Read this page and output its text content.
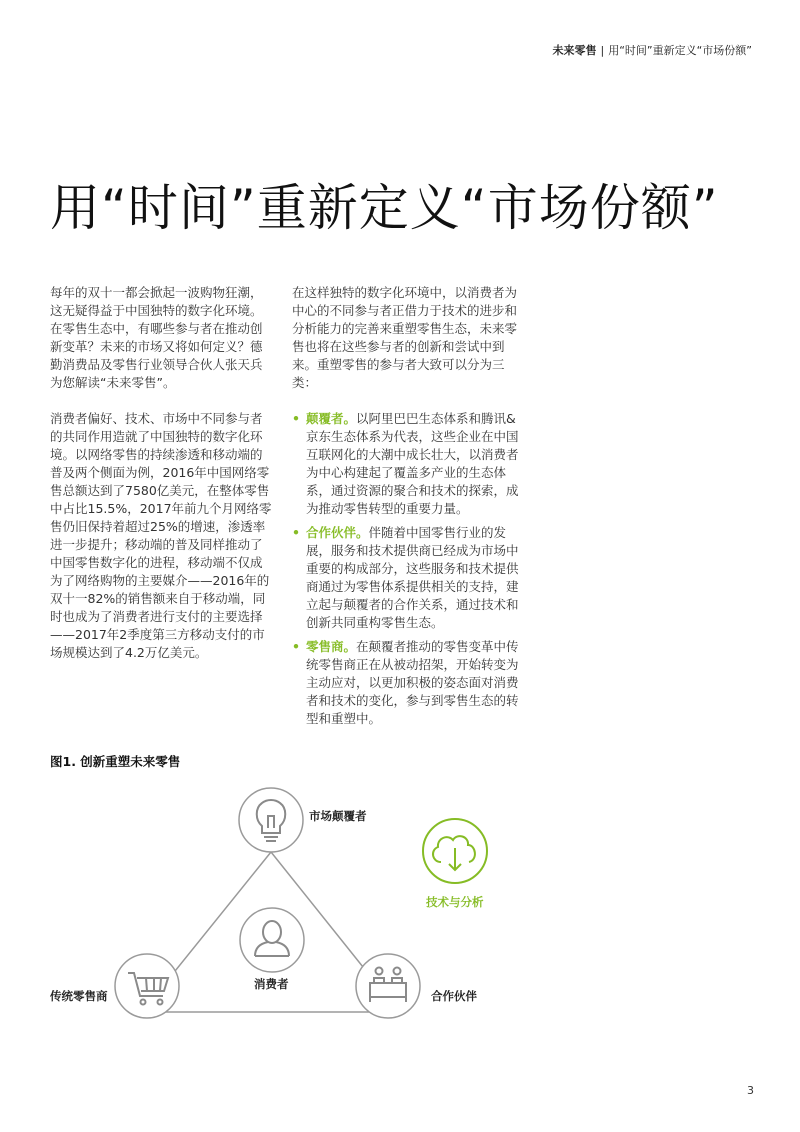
未来零售 | 用“时间”重新定义“市场份额”
用“时间”重新定义“市场份额”

每年的双十一都会掀起一波购物狂潮，这无疑得益于中国独特的数字化环境。在零售生态中，有哪些参与者在推动创新变革？未来的市场又将如何定义？德勤消费品及零售行业领导合伙人张天兵为您解读“未来零售”。

消费者偏好、技术、市场中不同参与者的共同作用造就了中国独特的数字化环境。以网络零售的持续渗透和移动端的普及两个侧面为例，2016年中国网络零售总额达到了7580亿美元，在整体零售中占比15.5%，2017年前九个月网络零售仍旧保持着超过25%的增速，渗透率进一步提升；移动端的普及同样推动了中国零售数字化的进程，移动端不仅成为了网络购物的主要媒介——2016年的双十一82%的销售额来自于移动端，同时也成为了消费者进行支付的主要选择——2017年2季度第三方移动支付的市场规模达到了4.2万亿美元。

在这样独特的数字化环境中，以消费者为中心的不同参与者正借力于技术的进步和分析能力的完善来重塑零售生态，未来零售也将在这些参与者的创新和尝试中到来。重塑零售的参与者大致可以分为三类：

• 颠覆者。以阿里巴巴生态体系和腾讯&京东生态体系为代表，这些企业在中国互联网化的大潮中成长壮大，以消费者为中心构建起了覆盖多产业的生态体系，通过资源的聚合和技术的探索，成为推动零售转型的重要力量。
• 合作伙伴。伴随着中国零售行业的发展，服务和技术提供商已经成为市场中重要的构成部分，这些服务和技术提供商通过为零售体系提供相关的支持，建立起与颠覆者的合作关系，通过技术和创新共同重构零售生态。
• 零售商。在颠覆者推动的零售变革中传统零售商正在从被动招架，开始转变为主动应对，以更加积极的姿态面对消费者和技术的变化，参与到零售生态的转型和重塑中。
图1. 创新重塑未来零售
市场颠覆者
技术与分析
消费者
传统零售商	合作伙伴
3
